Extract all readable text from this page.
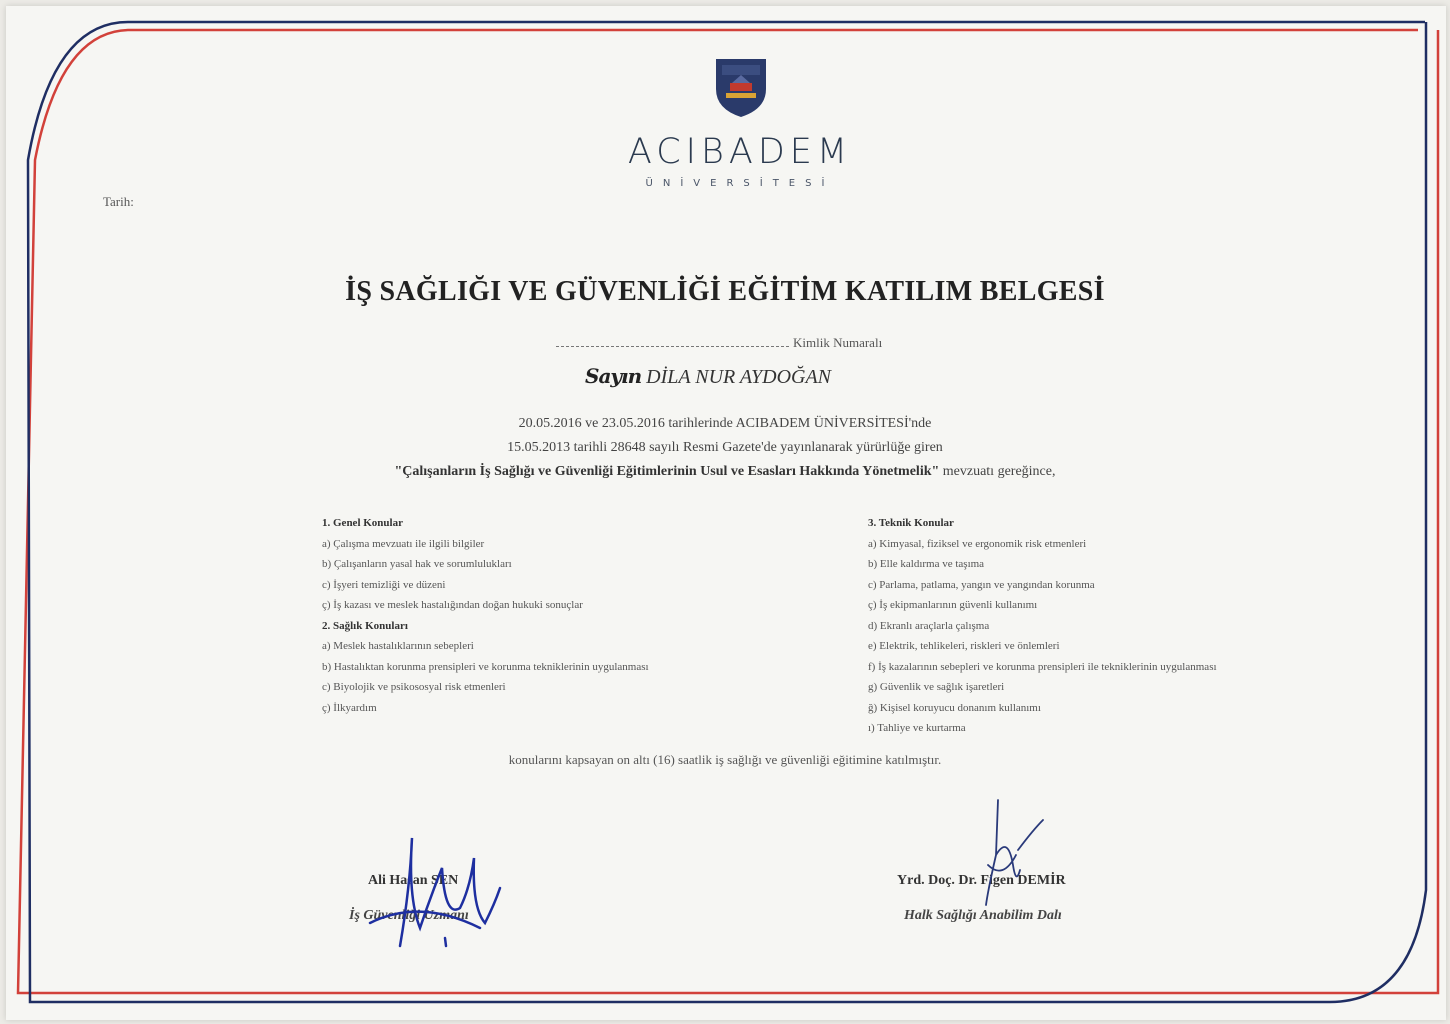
ACIBADEM
ÜNİVERSİTESİ
Tarih:
İŞ SAĞLIĞI VE GÜVENLİĞİ EĞİTİM KATILIM BELGESİ
Kimlik Numaralı
Sayın DİLA NUR AYDOĞAN
20.05.2016 ve 23.05.2016 tarihlerinde ACIBADEM ÜNİVERSİTESİ'nde
15.05.2013 tarihli 28648 sayılı Resmi Gazete'de yayınlanarak yürürlüğe giren
"Çalışanların İş Sağlığı ve Güvenliği Eğitimlerinin Usul ve Esasları Hakkında Yönetmelik" mevzuatı gereğince,
1. Genel Konular
a) Çalışma mevzuatı ile ilgili bilgiler
b) Çalışanların yasal hak ve sorumlulukları
c) İşyeri temizliği ve düzeni
ç) İş kazası ve meslek hastalığından doğan hukuki sonuçlar
2. Sağlık Konuları
a) Meslek hastalıklarının sebepleri
b) Hastalıktan korunma prensipleri ve korunma tekniklerinin uygulanması
c) Biyolojik ve psikososyal risk etmenleri
ç) İlkyardım
3. Teknik Konular
a) Kimyasal, fiziksel ve ergonomik risk etmenleri
b) Elle kaldırma ve taşıma
c) Parlama, patlama, yangın ve yangından korunma
ç) İş ekipmanlarının güvenli kullanımı
d) Ekranlı araçlarla çalışma
e) Elektrik, tehlikeleri, riskleri ve önlemleri
f) İş kazalarının sebepleri ve korunma prensipleri ile tekniklerinin uygulanması
g) Güvenlik ve sağlık işaretleri
ğ) Kişisel koruyucu donanım kullanımı
ı) Tahliye ve kurtarma
konularını kapsayan on altı (16) saatlik iş sağlığı ve güvenliği eğitimine katılmıştır.
Ali Hasan ŞEN
İş Güvenliği Uzmanı
Yrd. Doç. Dr. Figen DEMİR
Halk Sağlığı Anabilim Dalı
